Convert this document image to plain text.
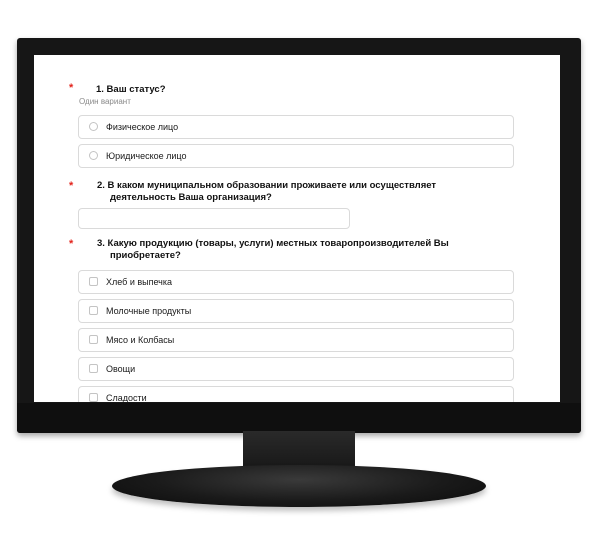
* 1. Ваш статус?
Один вариант
Физическое лицо
Юридическое лицо
* 2. В каком муниципальном образовании проживаете или осуществляет
деятельность Ваша организация?
* 3. Какую продукцию (товары, услуги) местных товаропроизводителей Вы
приобретаете?
Хлеб и выпечка
Молочные продукты
Мясо и Колбасы
Овощи
Сладости
